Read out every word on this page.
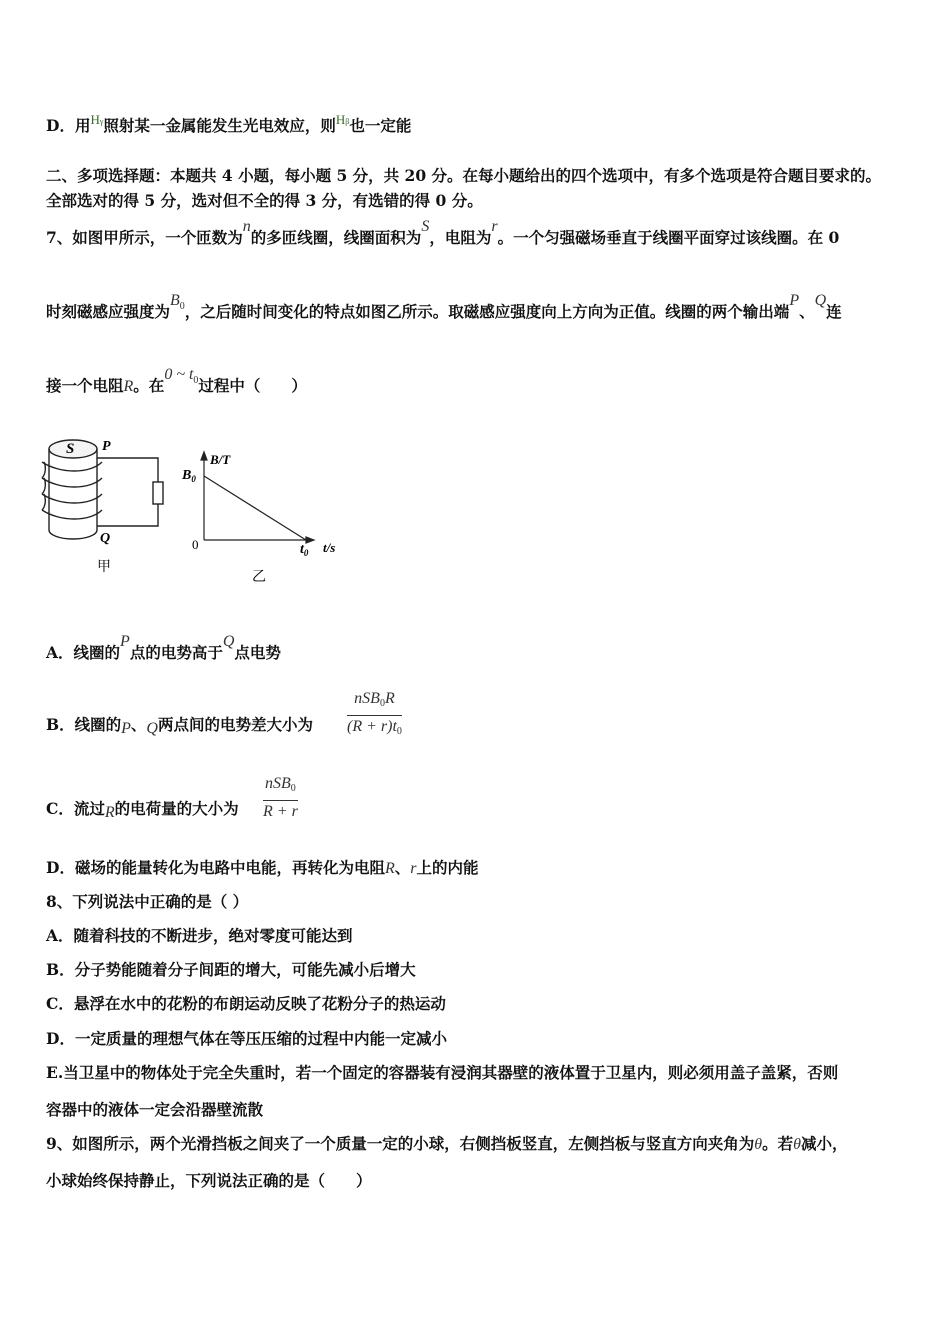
D．用$^{H\gamma}$照射某一金属能发生光电效应，则$^{H\beta}$也一定能
二、多项选择题：本题共 4 小题，每小题 5 分，共 20 分。在每小题给出的四个选项中，有多个选项是符合题目要求的。
全部选对的得 5 分，选对但不全的得 3 分，有选错的得 0 分。
7、如图甲所示，一个匝数为n的多匝线圈，线圈面积为S，电阻为r。一个匀强磁场垂直于线圈平面穿过该线圈。在 0
时刻磁感应强度为$B_0$，之后随时间变化的特点如图乙所示。取磁感应强度向上方向为正值。线圈的两个输出端P、Q连
接一个电阻R。在0 ~ $t_0$过程中（　　）
S P
Q
甲
B/T
$B_0$
0	$t_0$ t/s
乙
A．线圈的P点的电势高于Q点电势
B．线圈的P、Q两点间的电势差大小为
nSB0R
(R + r)t0
C．流过R的电荷量的大小为
nSB0
R + r
D．磁场的能量转化为电路中电能，再转化为电阻R、r上的内能
8、下列说法中正确的是（ ）
A．随着科技的不断进步，绝对零度可能达到
B．分子势能随着分子间距的增大，可能先减小后增大
C．悬浮在水中的花粉的布朗运动反映了花粉分子的热运动
D．一定质量的理想气体在等压压缩的过程中内能一定减小
E.当卫星中的物体处于完全失重时，若一个固定的容器装有浸润其器壁的液体置于卫星内，则必须用盖子盖紧，否则
容器中的液体一定会沿器壁流散
9、如图所示，两个光滑挡板之间夹了一个质量一定的小球，右侧挡板竖直，左侧挡板与竖直方向夹角为θ。若θ减小，
小球始终保持静止，下列说法正确的是（　　）
